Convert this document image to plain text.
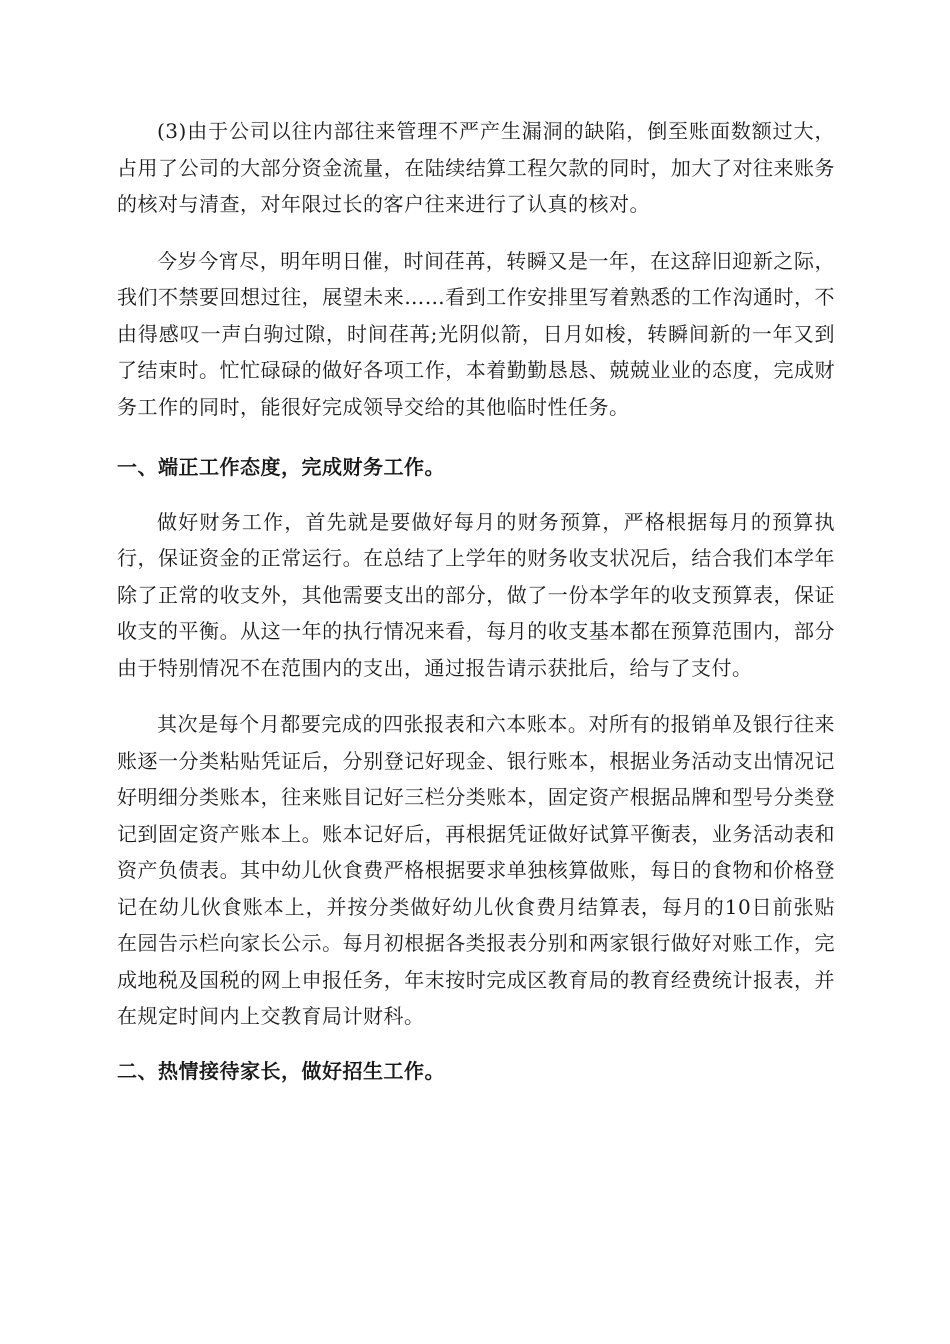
(3)由于公司以往内部往来管理不严产生漏洞的缺陷，倒至账面数额过大，占用了公司的大部分资金流量，在陆续结算工程欠款的同时，加大了对往来账务的核对与清查，对年限过长的客户往来进行了认真的核对。

今岁今宵尽，明年明日催，时间荏苒，转瞬又是一年，在这辞旧迎新之际，我们不禁要回想过往，展望未来……看到工作安排里写着熟悉的工作沟通时，不由得感叹一声白驹过隙，时间荏苒;光阴似箭，日月如梭，转瞬间新的一年又到了结束时。忙忙碌碌的做好各项工作，本着勤勤恳恳、兢兢业业的态度，完成财务工作的同时，能很好完成领导交给的其他临时性任务。

一、端正工作态度，完成财务工作。

做好财务工作，首先就是要做好每月的财务预算，严格根据每月的预算执行，保证资金的正常运行。在总结了上学年的财务收支状况后，结合我们本学年除了正常的收支外，其他需要支出的部分，做了一份本学年的收支预算表，保证收支的平衡。从这一年的执行情况来看，每月的收支基本都在预算范围内，部分由于特别情况不在范围内的支出，通过报告请示获批后，给与了支付。

其次是每个月都要完成的四张报表和六本账本。对所有的报销单及银行往来账逐一分类粘贴凭证后，分别登记好现金、银行账本，根据业务活动支出情况记好明细分类账本，往来账目记好三栏分类账本，固定资产根据品牌和型号分类登记到固定资产账本上。账本记好后，再根据凭证做好试算平衡表，业务活动表和资产负债表。其中幼儿伙食费严格根据要求单独核算做账，每日的食物和价格登记在幼儿伙食账本上，并按分类做好幼儿伙食费月结算表，每月的10日前张贴在园告示栏向家长公示。每月初根据各类报表分别和两家银行做好对账工作，完成地税及国税的网上申报任务，年末按时完成区教育局的教育经费统计报表，并在规定时间内上交教育局计财科。

二、热情接待家长，做好招生工作。
